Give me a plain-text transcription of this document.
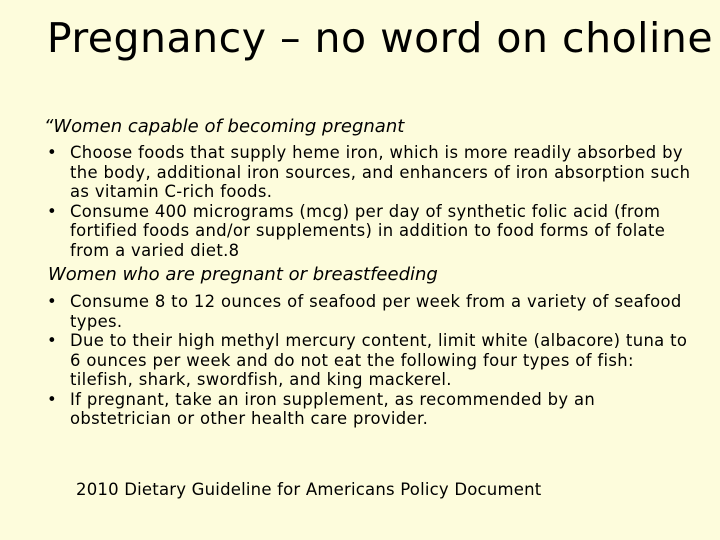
Pregnancy – no word on choline
“Women capable of becoming pregnant
• Choose foods that supply heme iron, which is more readily absorbed by the body, additional iron sources, and enhancers of iron absorption such as vitamin C-rich foods.
• Consume 400 micrograms (mcg) per day of synthetic folic acid (from fortified foods and/or supplements) in addition to food forms of folate from a varied diet.8
Women who are pregnant or breastfeeding
• Consume 8 to 12 ounces of seafood per week from a variety of seafood types.
• Due to their high methyl mercury content, limit white (albacore) tuna to 6 ounces per week and do not eat the following four types of fish: tilefish, shark, swordfish, and king mackerel.
• If pregnant, take an iron supplement, as recommended by an obstetrician or other health care provider.
2010 Dietary Guideline for Americans Policy Document
